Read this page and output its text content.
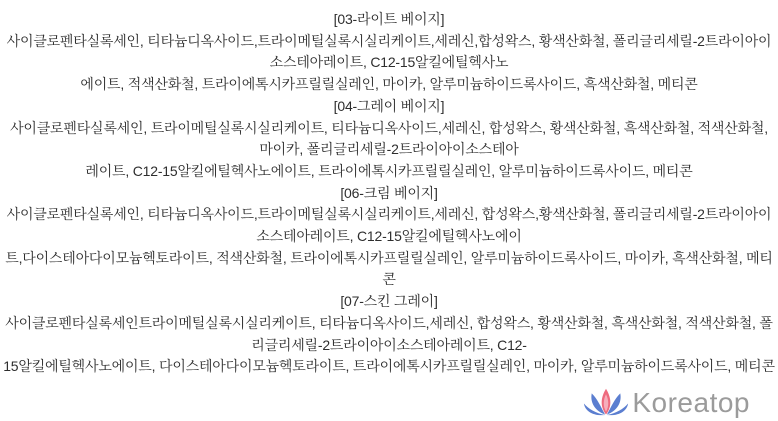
[03-라이트 베이지]
사이클로펜타실록세인, 티타늄디옥사이드,트라이메틸실록시실리케이트,세레신,합성왁스, 황색산화철, 폴리글리세릴-2트라이아이
소스테아레이트, C12-15알킬에틸헥사노
에이트, 적색산화철, 트라이에톡시카프릴릴실레인, 마이카, 알루미늄하이드록사이드, 흑색산화철, 메티콘
[04-그레이 베이지]
사이클로펜타실록세인, 트라이메틸실록시실리케이트, 티타늄디옥사이드,세레신, 합성왁스, 황색산화철, 흑색산화철, 적색산화철,
마이카, 폴리글리세릴-2트라이아이소스테아
레이트, C12-15알킬에틸헥사노에이트, 트라이에톡시카프릴릴실레인, 알루미늄하이드록사이드, 메티콘
[06-크림 베이지]
사이클로펜타실록세인, 티타늄디옥사이드,트라이메틸실록시실리케이트,세레신, 합성왁스,황색산화철, 폴리글리세릴-2트라이아이
소스테아레이트, C12-15알킬에틸헥사노에이
트,다이스테아다이모늄헥토라이트, 적색산화철, 트라이에톡시카프릴릴실레인, 알루미늄하이드록사이드, 마이카, 흑색산화철, 메티
콘
[07-스킨 그레이]
사이클로펜타실록세인트라이메틸실록시실리케이트, 티타늄디옥사이드,세레신, 합성왁스, 황색산화철, 흑색산화철, 적색산화철, 폴
리글리세릴-2트라이아이소스테아레이트, C12-
15알킬에틸헥사노에이트, 다이스테아다이모늄헥토라이트, 트라이에톡시카프릴릴실레인, 마이카, 알루미늄하이드록사이드, 메티콘
Koreatop
